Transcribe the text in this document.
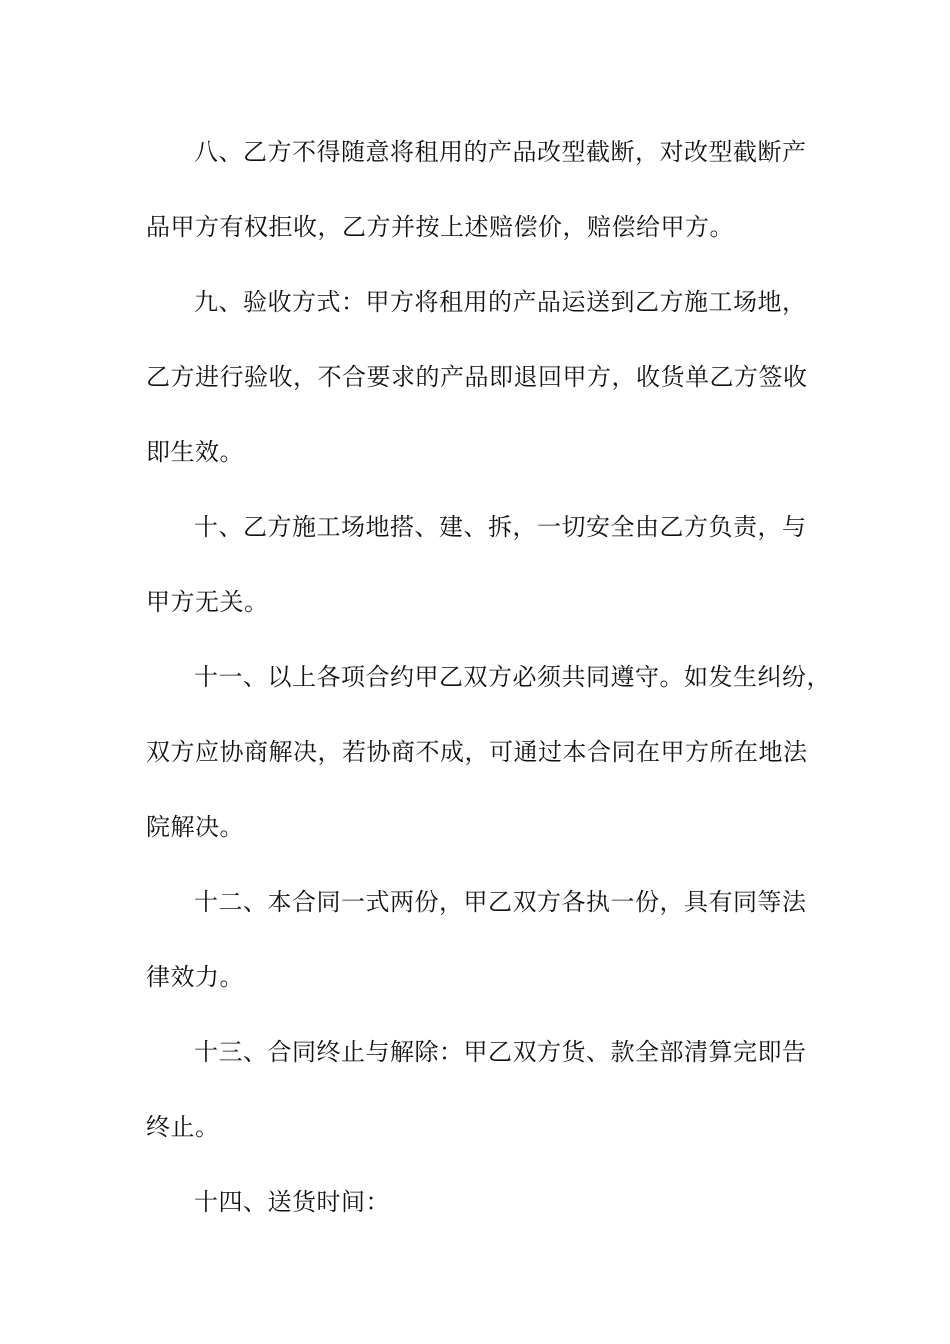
八、乙方不得随意将租用的产品改型截断，对改型截断产
品甲方有权拒收，乙方并按上述赔偿价，赔偿给甲方。
九、验收方式：甲方将租用的产品运送到乙方施工场地，
乙方进行验收，不合要求的产品即退回甲方，收货单乙方签收
即生效。
十、乙方施工场地搭、建、拆，一切安全由乙方负责，与
甲方无关。
十一、以上各项合约甲乙双方必须共同遵守。如发生纠纷，
双方应协商解决，若协商不成，可通过本合同在甲方所在地法
院解决。
十二、本合同一式两份，甲乙双方各执一份，具有同等法
律效力。
十三、合同终止与解除：甲乙双方货、款全部清算完即告
终止。
十四、送货时间：
